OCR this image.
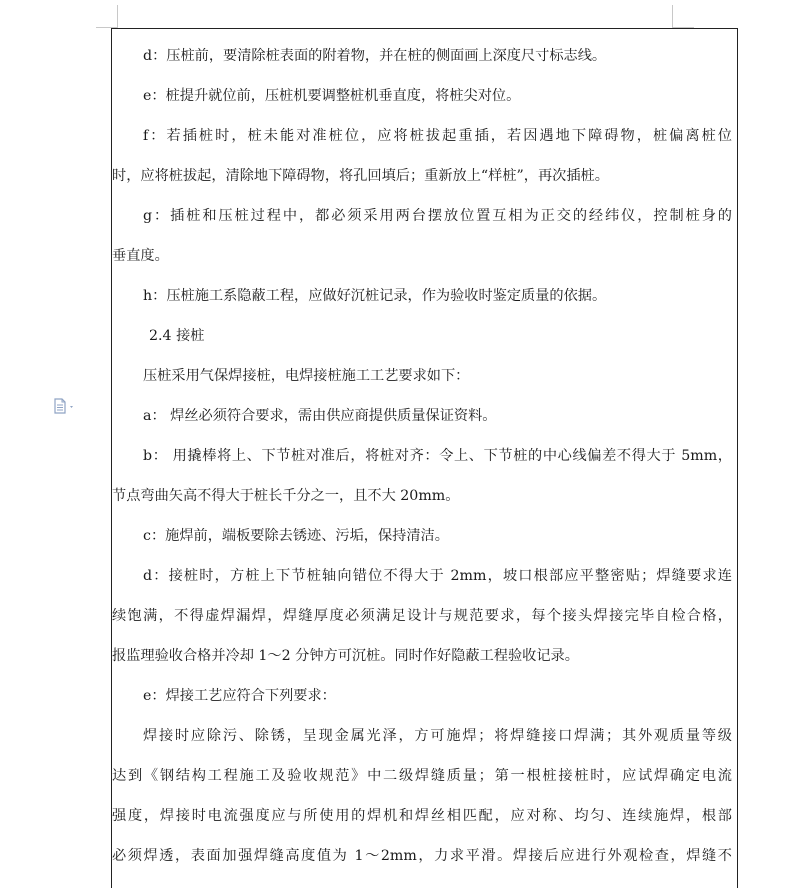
d：压桩前，要清除桩表面的附着物，并在桩的侧面画上深度尺寸标志线。
e：桩提升就位前，压桩机要调整桩机垂直度，将桩尖对位。
f：若插桩时，桩未能对准桩位，应将桩拔起重插，若因遇地下障碍物，桩偏离桩位
时，应将桩拔起，清除地下障碍物，将孔回填后；重新放上“样桩”，再次插桩。
g：插桩和压桩过程中，都必须采用两台摆放位置互相为正交的经纬仪，控制桩身的
垂直度。
h：压桩施工系隐蔽工程，应做好沉桩记录，作为验收时鉴定质量的依据。
2.4 接桩
压桩采用气保焊接桩，电焊接桩施工工艺要求如下：
a： 焊丝必须符合要求，需由供应商提供质量保证资料。
b： 用撬棒将上、下节桩对准后，将桩对齐：令上、下节桩的中心线偏差不得大于 5mm，
节点弯曲矢高不得大于桩长千分之一，且不大 20mm。
c：施焊前，端板要除去锈迹、污垢，保持清洁。
d：接桩时，方桩上下节桩轴向错位不得大于 2mm，坡口根部应平整密贴；焊缝要求连
续饱满，不得虚焊漏焊，焊缝厚度必须满足设计与规范要求，每个接头焊接完毕自检合格，
报监理验收合格并冷却 1～2 分钟方可沉桩。同时作好隐蔽工程验收记录。
e：焊接工艺应符合下列要求：
焊接时应除污、除锈，呈现金属光泽，方可施焊；将焊缝接口焊满；其外观质量等级
达到《钢结构工程施工及验收规范》中二级焊缝质量；第一根桩接桩时，应试焊确定电流
强度，焊接时电流强度应与所使用的焊机和焊丝相匹配，应对称、均匀、连续施焊，根部
必须焊透，表面加强焊缝高度值为 1～2mm，力求平滑。焊接后应进行外观检查，焊缝不
